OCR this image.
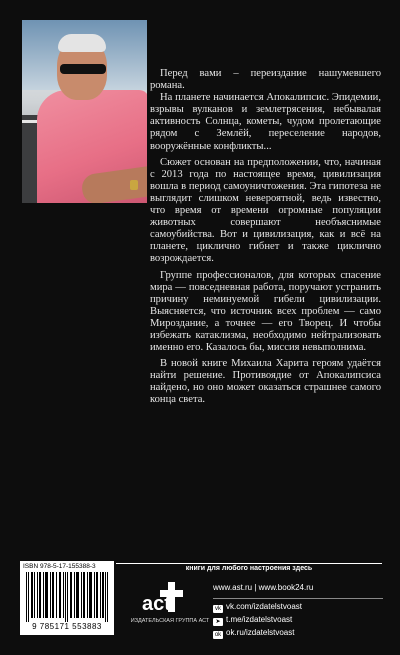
Перед вами – переиздание нашумевшего романа.

На планете начинается Апокалипсис. Эпидемии, взрывы вулканов и землетрясения, небывалая активность Солнца, кометы, чудом пролетающие рядом с Землёй, переселение народов, вооружённые конфликты...

Сюжет основан на предположении, что, начиная с 2013 года по настоящее время, цивилизация вошла в период самоуничтожения. Эта гипотеза не выглядит слишком невероятной, ведь известно, что время от времени огромные популяции животных совершают необъяснимые самоубийства. Вот и цивилизация, как и всё на планете, циклично гибнет и также циклично возрождается.

Группе профессионалов, для которых спасение мира — повседневная работа, поручают устранить причину неминуемой гибели цивилизации. Выясняется, что источник всех проблем — само Мироздание, а точнее — его Творец. И чтобы избежать катаклизма, необходимо нейтрализовать именно его. Казалось бы, миссия невыполнима.

В новой книге Михаила Харита героям удаётся найти решение. Противоядие от Апокалипсиса найдено, но оно может оказаться страшнее самого конца света.

ISBN 978-5-17-155388-3
9 785171 553883
книги для любого настроения здесь
act
ИЗДАТЕЛЬСКАЯ ГРУППА АСТ
www.ast.ru | www.book24.ru
vk vk.com/izdatelstvoast
➤ t.me/izdatelstvoast
ok ok.ru/izdatelstvoast
